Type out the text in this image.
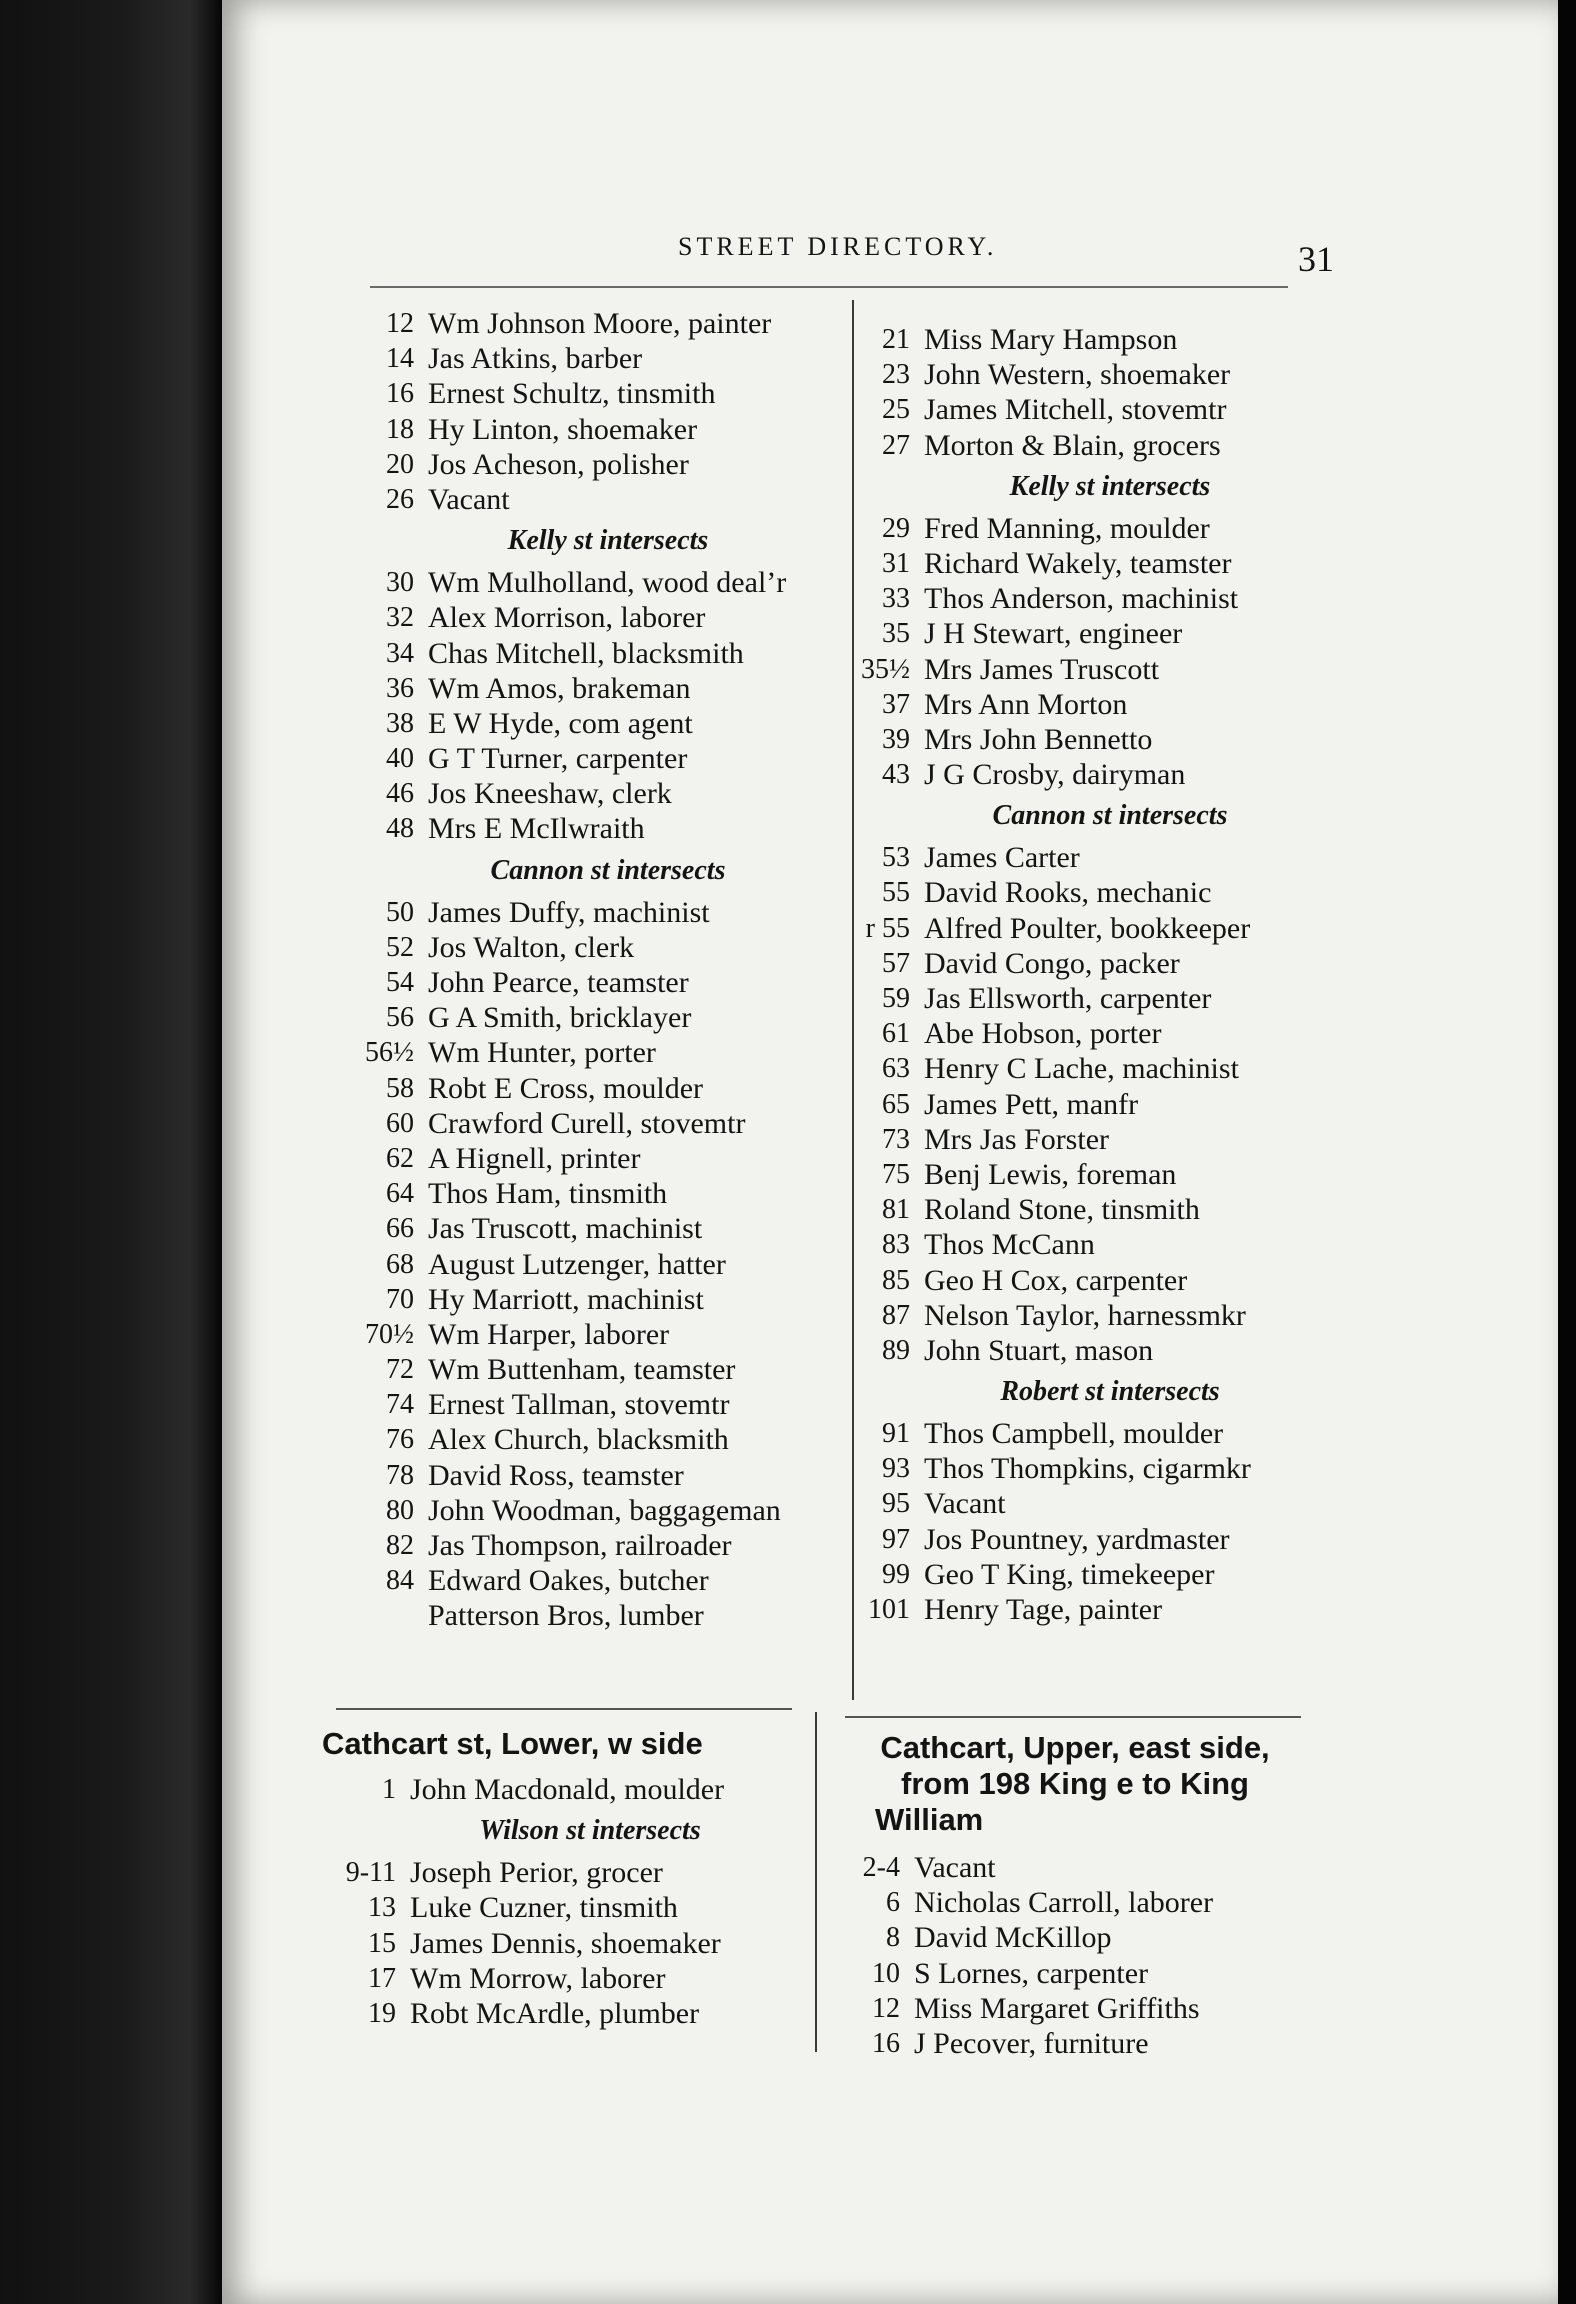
STREET DIRECTORY.	31
12 Wm Johnson Moore, painter
14 Jas Atkins, barber
16 Ernest Schultz, tinsmith
18 Hy Linton, shoemaker
20 Jos Acheson, polisher
26 Vacant
Kelly st intersects
30 Wm Mulholland, wood deal’r
32 Alex Morrison, laborer
34 Chas Mitchell, blacksmith
36 Wm Amos, brakeman
38 E W Hyde, com agent
40 G T Turner, carpenter
46 Jos Kneeshaw, clerk
48 Mrs E McIlwraith
Cannon st intersects
50 James Duffy, machinist
52 Jos Walton, clerk
54 John Pearce, teamster
56 G A Smith, bricklayer
56½ Wm Hunter, porter
58 Robt E Cross, moulder
60 Crawford Curell, stovemtr
62 A Hignell, printer
64 Thos Ham, tinsmith
66 Jas Truscott, machinist
68 August Lutzenger, hatter
70 Hy Marriott, machinist
70½ Wm Harper, laborer
72 Wm Buttenham, teamster
74 Ernest Tallman, stovemtr
76 Alex Church, blacksmith
78 David Ross, teamster
80 John Woodman, baggageman
82 Jas Thompson, railroader
84 Edward Oakes, butcher
Patterson Bros, lumber
21 Miss Mary Hampson
23 John Western, shoemaker
25 James Mitchell, stovemtr
27 Morton & Blain, grocers
Kelly st intersects
29 Fred Manning, moulder
31 Richard Wakely, teamster
33 Thos Anderson, machinist
35 J H Stewart, engineer
35½ Mrs James Truscott
37 Mrs Ann Morton
39 Mrs John Bennetto
43 J G Crosby, dairyman
Cannon st intersects
53 James Carter
55 David Rooks, mechanic
r 55 Alfred Poulter, bookkeeper
57 David Congo, packer
59 Jas Ellsworth, carpenter
61 Abe Hobson, porter
63 Henry C Lache, machinist
65 James Pett, manfr
73 Mrs Jas Forster
75 Benj Lewis, foreman
81 Roland Stone, tinsmith
83 Thos McCann
85 Geo H Cox, carpenter
87 Nelson Taylor, harnessmkr
89 John Stuart, mason
Robert st intersects
91 Thos Campbell, moulder
93 Thos Thompkins, cigarmkr
95 Vacant
97 Jos Pountney, yardmaster
99 Geo T King, timekeeper
101 Henry Tage, painter
Cathcart st, Lower, w side
1 John Macdonald, moulder
Wilson st intersects
9-11 Joseph Perior, grocer
13 Luke Cuzner, tinsmith
15 James Dennis, shoemaker
17 Wm Morrow, laborer
19 Robt McArdle, plumber
Cathcart, Upper, east side,
from 198 King e to King
William
2-4 Vacant
6 Nicholas Carroll, laborer
8 David McKillop
10 S Lornes, carpenter
12 Miss Margaret Griffiths
16 J Pecover, furniture
